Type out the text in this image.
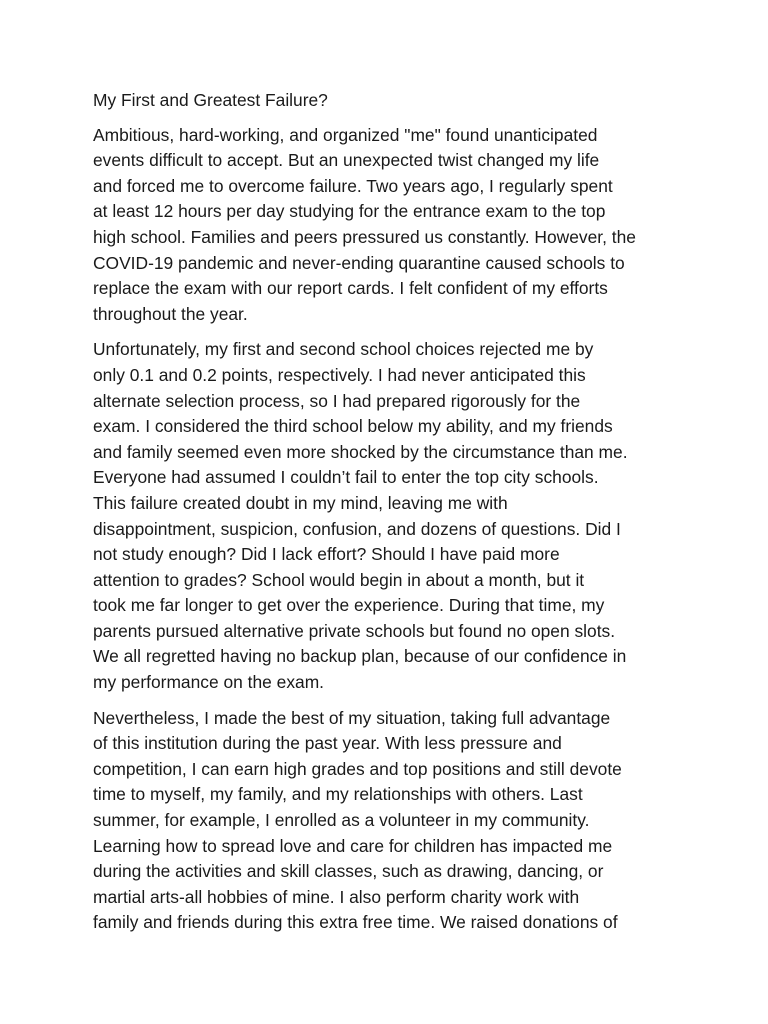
My First and Greatest Failure?

Ambitious, hard-working, and organized "me" found unanticipated
events difficult to accept. But an unexpected twist changed my life
and forced me to overcome failure. Two years ago, I regularly spent
at least 12 hours per day studying for the entrance exam to the top
high school. Families and peers pressured us constantly. However, the
COVID-19 pandemic and never-ending quarantine caused schools to
replace the exam with our report cards. I felt confident of my efforts
throughout the year.

Unfortunately, my first and second school choices rejected me by
only 0.1 and 0.2 points, respectively. I had never anticipated this
alternate selection process, so I had prepared rigorously for the
exam. I considered the third school below my ability, and my friends
and family seemed even more shocked by the circumstance than me.
Everyone had assumed I couldn’t fail to enter the top city schools.
This failure created doubt in my mind, leaving me with
disappointment, suspicion, confusion, and dozens of questions. Did I
not study enough? Did I lack effort? Should I have paid more
attention to grades? School would begin in about a month, but it
took me far longer to get over the experience. During that time, my
parents pursued alternative private schools but found no open slots.
We all regretted having no backup plan, because of our confidence in
my performance on the exam.

Nevertheless, I made the best of my situation, taking full advantage
of this institution during the past year. With less pressure and
competition, I can earn high grades and top positions and still devote
time to myself, my family, and my relationships with others. Last
summer, for example, I enrolled as a volunteer in my community.
Learning how to spread love and care for children has impacted me
during the activities and skill classes, such as drawing, dancing, or
martial arts-all hobbies of mine. I also perform charity work with
family and friends during this extra free time. We raised donations of
